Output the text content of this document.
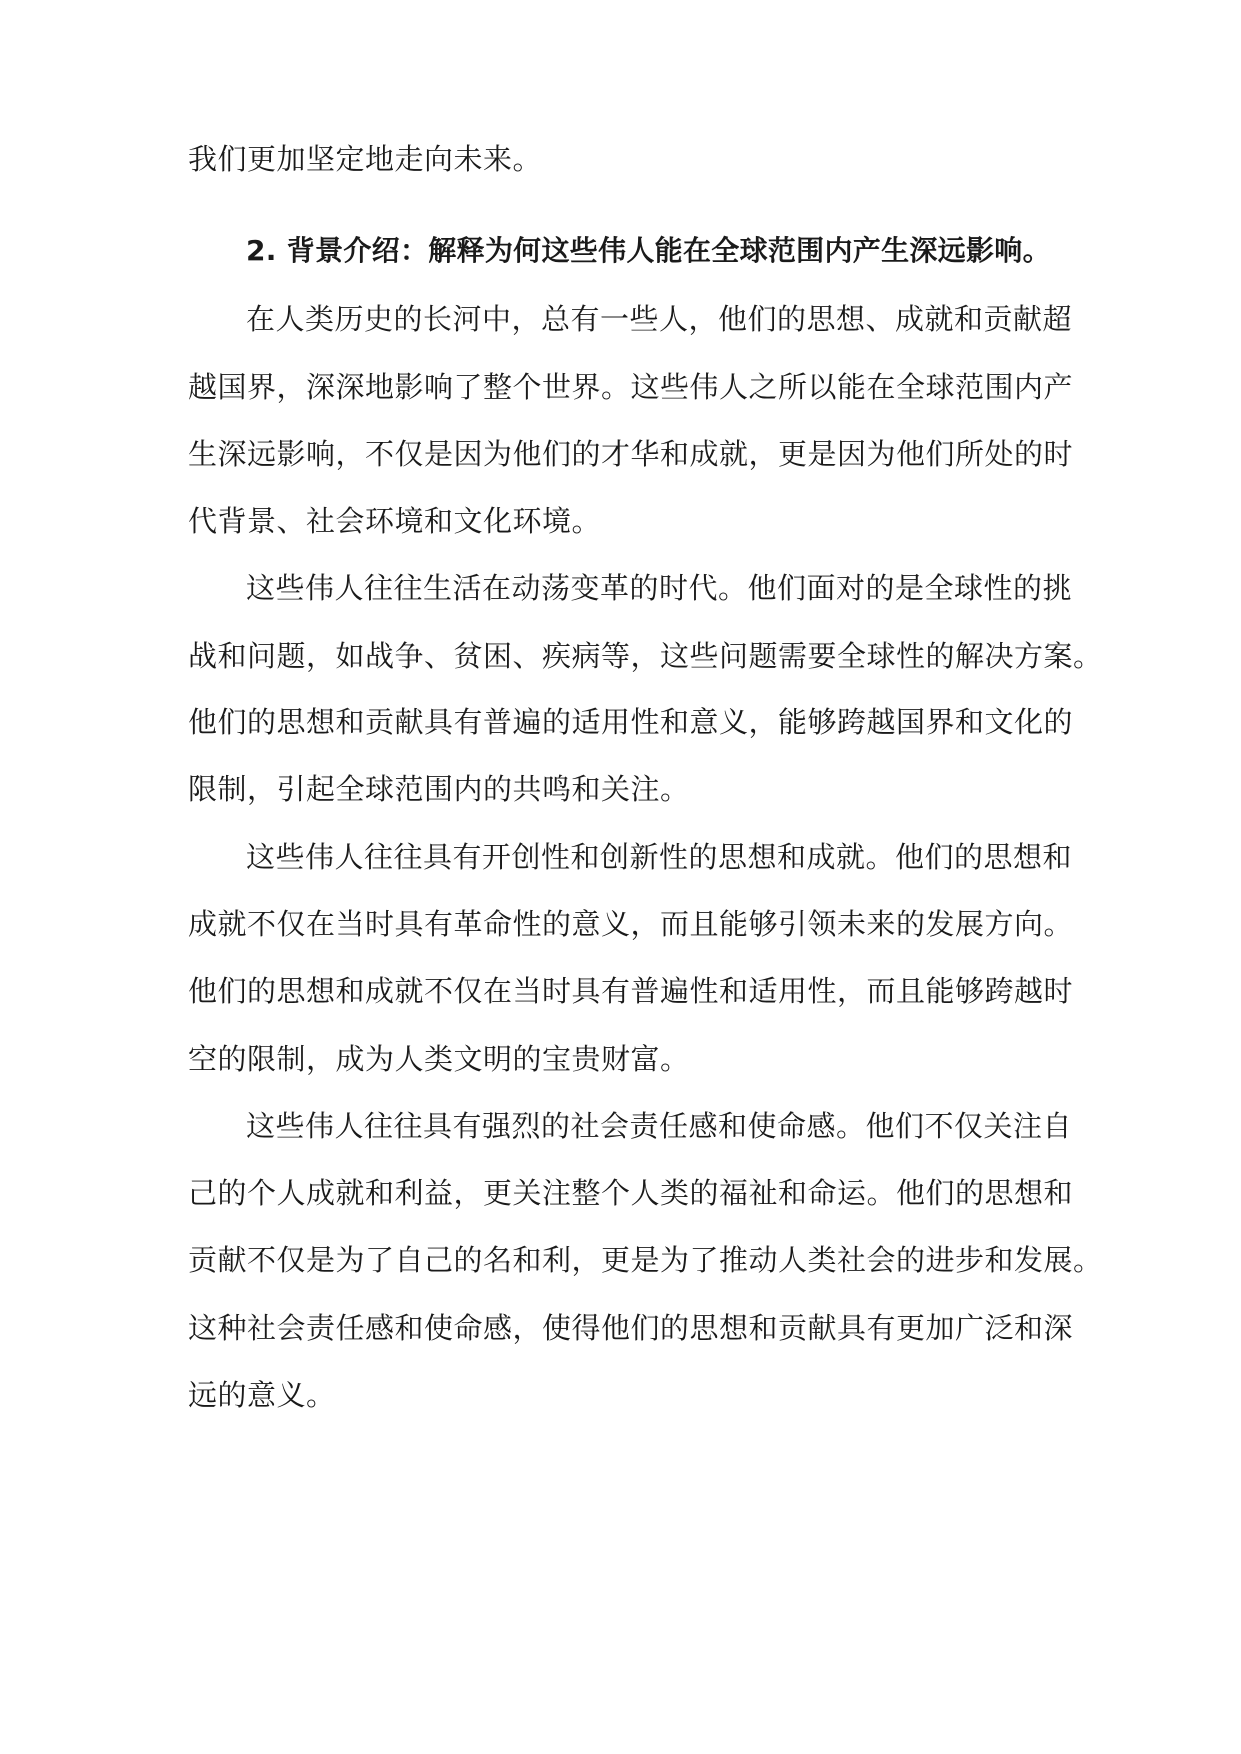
我们更加坚定地走向未来。
2. 背景介绍：解释为何这些伟人能在全球范围内产生深远影响。
在人类历史的长河中，总有一些人，他们的思想、成就和贡献超
越国界，深深地影响了整个世界。这些伟人之所以能在全球范围内产
生深远影响，不仅是因为他们的才华和成就，更是因为他们所处的时
代背景、社会环境和文化环境。
这些伟人往往生活在动荡变革的时代。他们面对的是全球性的挑
战和问题，如战争、贫困、疾病等，这些问题需要全球性的解决方案。
他们的思想和贡献具有普遍的适用性和意义，能够跨越国界和文化的
限制，引起全球范围内的共鸣和关注。
这些伟人往往具有开创性和创新性的思想和成就。他们的思想和
成就不仅在当时具有革命性的意义，而且能够引领未来的发展方向。
他们的思想和成就不仅在当时具有普遍性和适用性，而且能够跨越时
空的限制，成为人类文明的宝贵财富。
这些伟人往往具有强烈的社会责任感和使命感。他们不仅关注自
己的个人成就和利益，更关注整个人类的福祉和命运。他们的思想和
贡献不仅是为了自己的名和利，更是为了推动人类社会的进步和发展。
这种社会责任感和使命感，使得他们的思想和贡献具有更加广泛和深
远的意义。
